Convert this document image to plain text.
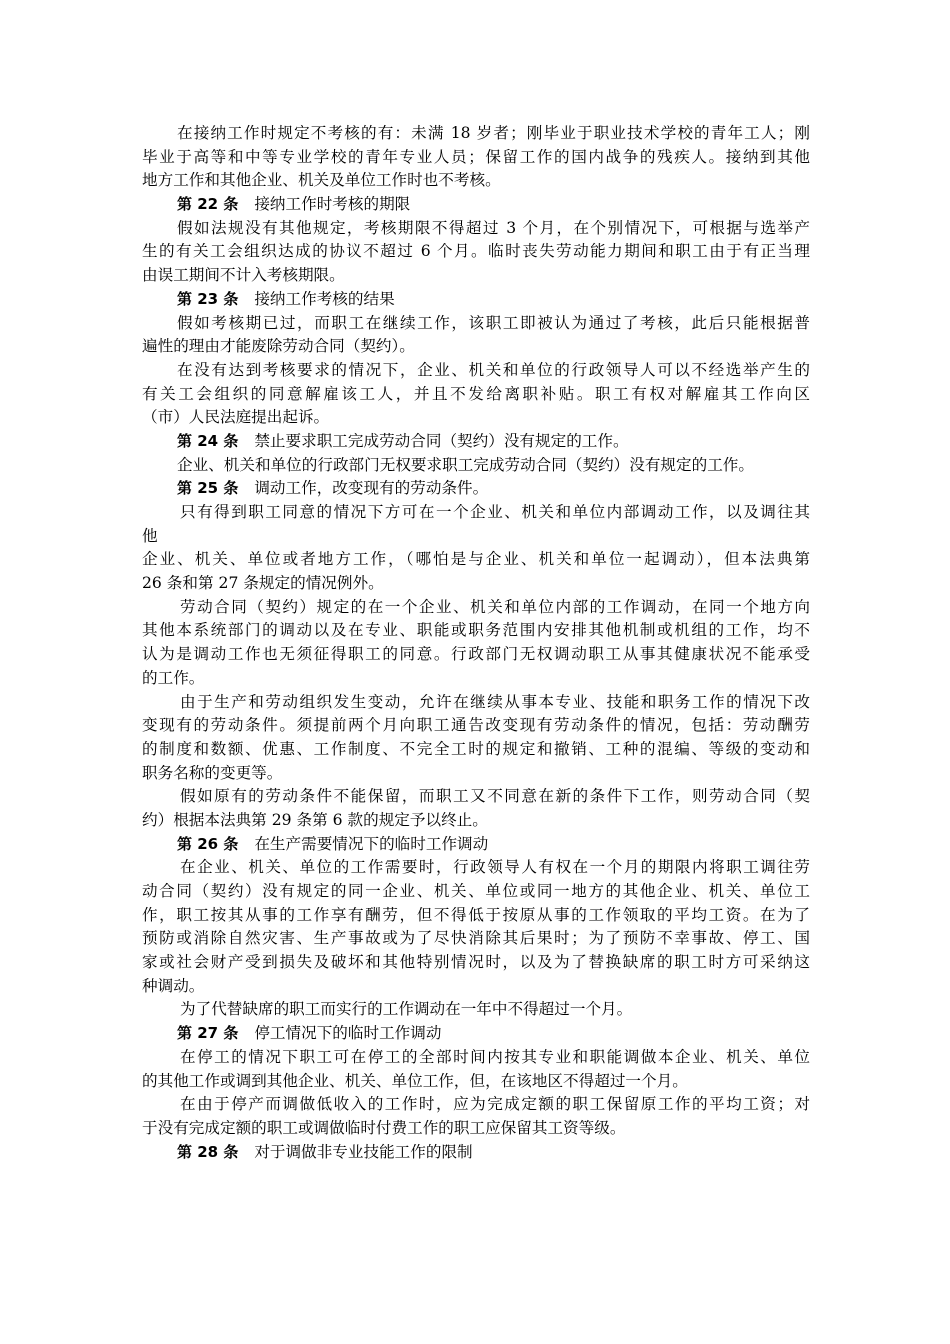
在接纳工作时规定不考核的有：未满 18 岁者；刚毕业于职业技术学校的青年工人；刚
毕业于高等和中等专业学校的青年专业人员；保留工作的国内战争的残疾人。接纳到其他
地方工作和其他企业、机关及单位工作时也不考核。
第 22 条 接纳工作时考核的期限
假如法规没有其他规定，考核期限不得超过 3 个月，在个别情况下，可根据与选举产
生的有关工会组织达成的协议不超过 6 个月。临时丧失劳动能力期间和职工由于有正当理
由误工期间不计入考核期限。
第 23 条 接纳工作考核的结果
假如考核期已过，而职工在继续工作，该职工即被认为通过了考核，此后只能根据普
遍性的理由才能废除劳动合同（契约）。
在没有达到考核要求的情况下，企业、机关和单位的行政领导人可以不经选举产生的
有关工会组织的同意解雇该工人，并且不发给离职补贴。职工有权对解雇其工作向区
（市）人民法庭提出起诉。
第 24 条 禁止要求职工完成劳动合同（契约）没有规定的工作。
企业、机关和单位的行政部门无权要求职工完成劳动合同（契约）没有规定的工作。
第 25 条 调动工作，改变现有的劳动条件。
只有得到职工同意的情况下方可在一个企业、机关和单位内部调动工作，以及调往其
他
企业、机关、单位或者地方工作，（哪怕是与企业、机关和单位一起调动），但本法典第
26 条和第 27 条规定的情况例外。
劳动合同（契约）规定的在一个企业、机关和单位内部的工作调动，在同一个地方向
其他本系统部门的调动以及在专业、职能或职务范围内安排其他机制或机组的工作，均不
认为是调动工作也无须征得职工的同意。行政部门无权调动职工从事其健康状况不能承受
的工作。
由于生产和劳动组织发生变动，允许在继续从事本专业、技能和职务工作的情况下改
变现有的劳动条件。须提前两个月向职工通告改变现有劳动条件的情况，包括：劳动酬劳
的制度和数额、优惠、工作制度、不完全工时的规定和撤销、工种的混编、等级的变动和
职务名称的变更等。
假如原有的劳动条件不能保留，而职工又不同意在新的条件下工作，则劳动合同（契
约）根据本法典第 29 条第 6 款的规定予以终止。
第 26 条 在生产需要情况下的临时工作调动
在企业、机关、单位的工作需要时，行政领导人有权在一个月的期限内将职工调往劳
动合同（契约）没有规定的同一企业、机关、单位或同一地方的其他企业、机关、单位工
作，职工按其从事的工作享有酬劳，但不得低于按原从事的工作领取的平均工资。在为了
预防或消除自然灾害、生产事故或为了尽快消除其后果时；为了预防不幸事故、停工、国
家或社会财产受到损失及破坏和其他特别情况时，以及为了替换缺席的职工时方可采纳这
种调动。
为了代替缺席的职工而实行的工作调动在一年中不得超过一个月。
第 27 条 停工情况下的临时工作调动
在停工的情况下职工可在停工的全部时间内按其专业和职能调做本企业、机关、单位
的其他工作或调到其他企业、机关、单位工作，但，在该地区不得超过一个月。
在由于停产而调做低收入的工作时，应为完成定额的职工保留原工作的平均工资；对
于没有完成定额的职工或调做临时付费工作的职工应保留其工资等级。
第 28 条 对于调做非专业技能工作的限制
